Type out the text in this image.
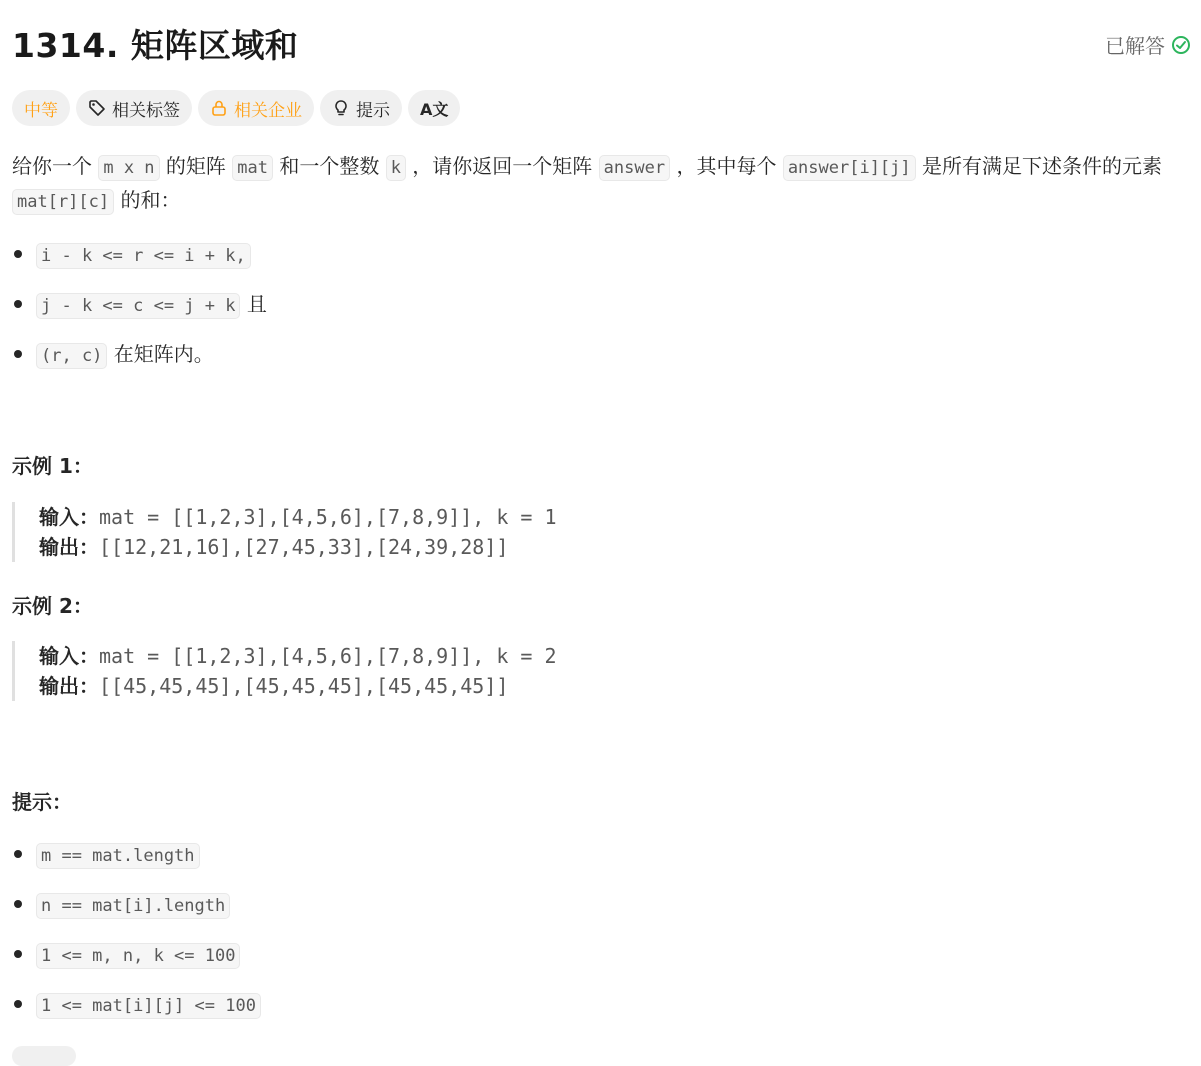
1314. 矩阵区域和	已解答
中等	相关标签	相关企业	提示 A文
给你一个 m x n 的矩阵 mat 和一个整数 k ，请你返回一个矩阵 answer ，其中每个 answer[i][j] 是所有满足下述条件的元素 mat[r][c] 的和：
i - k <= r <= i + k,
j - k <= c <= j + k 且
(r, c) 在矩阵内。
示例 1：
输入：mat = [[1,2,3],[4,5,6],[7,8,9]], k = 1
输出：[[12,21,16],[27,45,33],[24,39,28]]
示例 2：
输入：mat = [[1,2,3],[4,5,6],[7,8,9]], k = 2
输出：[[45,45,45],[45,45,45],[45,45,45]]
提示：
m == mat.length
n == mat[i].length
1 <= m, n, k <= 100
1 <= mat[i][j] <= 100
